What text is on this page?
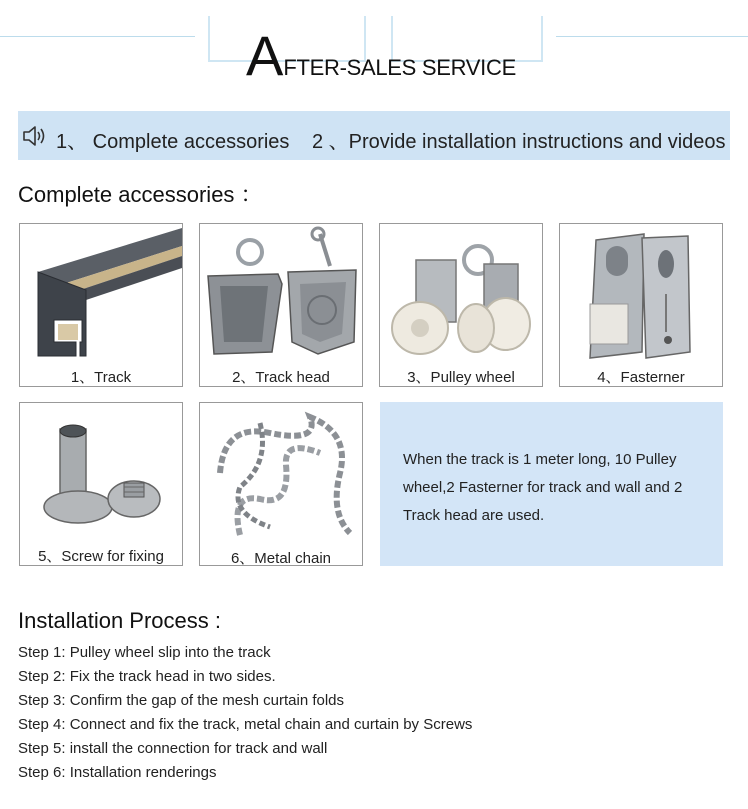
AFTER-SALES SERVICE
1、 Complete accessories 2 、Provide installation instructions and videos
Complete accessories ：
1、Track	2、Track head	3、Pulley wheel	4、Fasterner
5、Screw for fixing	6、Metal chain

When the track is 1 meter long, 10 Pulley wheel,2 Fasterner for track and wall and 2 Track head are used.

Installation Process :
Step 1: Pulley wheel slip into the track
Step 2: Fix the track head in two sides.
Step 3: Confirm the gap of the mesh curtain folds
Step 4: Connect and fix the track, metal chain and curtain by Screws
Step 5: install the connection for track and wall
Step 6: Installation renderings
